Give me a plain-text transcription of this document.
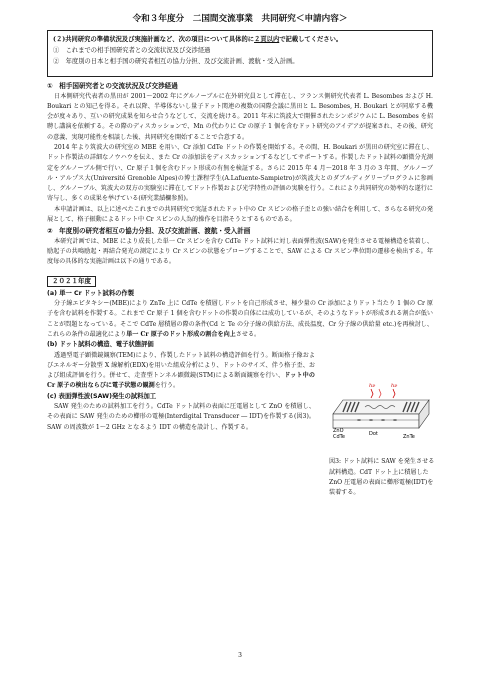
令和３年度分　二国間交流事業　共同研究＜申請内容＞
(２)共同研究の準備状況及び実施計画など、次の項目について具体的に２頁以内で記載してください。
①　これまでの相手国研究者との交流状況及び交渉経過
②　年度別の日本と相手国の研究者相互の協力分担、及び交流計画、渡航・受入計画。
①　相手国研究者との交流状況及び交渉経過

日本側研究代表者の黒田が 2001～2002 年にグルノーブルに在外研究員として滞在し、フランス側研究代表者 L. Besombes および H. Boukari との知己を得る。それ以降、半導体ないし量子ドット関連の複数の国際会議に黒田と L. Besombes, H. Boukari とが同席する機会が度々あり、互いの研究成果を知らせ合うなどして、交流を続ける。2011 年末に筑波大で開催されたシンポジウムに L. Besombes を招聘し講演を依頼する。その際のディスカッションで、Mn の代わりに Cr の原子 1 個を含むドット研究のアイデアが提案され、その後、研究の意義、実現可能性を相談した後、共同研究を開始することで合意する。

2014 年より筑波大の研究室の MBE を用い、Cr 添加 CdTe ドットの作製を開始する。その間、H. Boukari が黒田の研究室に滞在し、ドット作製法の詳細なノウハウを伝え、また Cr の添加法をディスカッションするなどしてサポートする。作製したドット試料の顕微分光測定をグルノーブル側で行い、Cr 原子１個を含むドット形成の有無を検証する。さらに 2015 年 4 月～2018 年 3 月の 3 年間、グルノーブル・アルプス大(Université Grenoble Alpes)の博士課程学生(A.Lafuente-Sampietro)が筑波大とのダブルディグリープログラムに参画し、グルノーブル、筑波大の双方の実験室に滞在してドット作製および光学特性の評価の実験を行う。これにより共同研究の効率的な遂行に寄与し、多くの成果を挙げている(研究業績欄参照)。

本申請計画は、以上に述べたこれまでの共同研究で実証されたドット中の Cr スピンの格子歪との強い結合を利用して、さらなる研究の発展として、格子振動によるドット中 Cr スピンの人為的操作を目指そうとするものである。

②　年度別の研究者相互の協力分担、及び交流計画、渡航・受入計画

本研究計画では、MBE により成長した単一 Cr スピンを含む CdTe ドット試料に対し表面弾性波(SAW)を発生させる電極構造を装着し、励起子の共鳴励起・再結合発光の測定により Cr スピンの状態をプローブすることで、SAW による Cr スピン準位間の遷移を検出する。年度毎の具体的な実施計画は以下の通りである。

２０２１年度
(a) 単一 Cr ドット試料の作製

分子線エピタキシー(MBE)により ZnTe 上に CdTe を積層しドットを自己形成させ、極少量の Cr 添加によりドット当たり 1 個の Cr 原子を含む試料を作製する。これまで Cr 原子 1 個を含むドットの作製の自体には成功しているが、そのようなドットが形成される割合が低いことが問題となっている。そこで CdTe 層積層の際の条件(Cd と Te の分子線の供給方法、成長温度、Cr 分子線の供給量 etc.)を再検討し、これらの条件の最適化により単一 Cr 原子のドット形成の割合を向上させる。

hν	hν
ZnO
CdTe	Dot	ZnTe
図3: ドット試料に SAW を発生させる試料構造。CdT ドット上に積層した ZnO 圧電層の表面に櫛形電極(IDT)を装着する。
(b) ドット試料の構造、電子状態評価

透過型電子顕微鏡観察(TEM)により、作製したドット試料の構造評価を行う。断面格子像およびエネルギー分散型 X 線解析(EDX)を用いた組成分析により、ドットのサイズ、伴う格子歪、および組成評価を行う。併せて、走査型トンネル顕微鏡(STM)による断面観察を行い、ドット中の Cr 原子の検出ならびに電子状態の観測を行う。

(c) 表面弾性波(SAW)発生の試料加工

SAW 発生のための試料加工を行う。CdTe ドット試料の表面に圧電層として ZnO を積層し、その表面に SAW 発生のための櫛形の電極(Interdigital Transducer ― IDT)を作製する(図3)。SAW の周波数が 1～2 GHz となるよう IDT の構造を設計し、作製する。

3
